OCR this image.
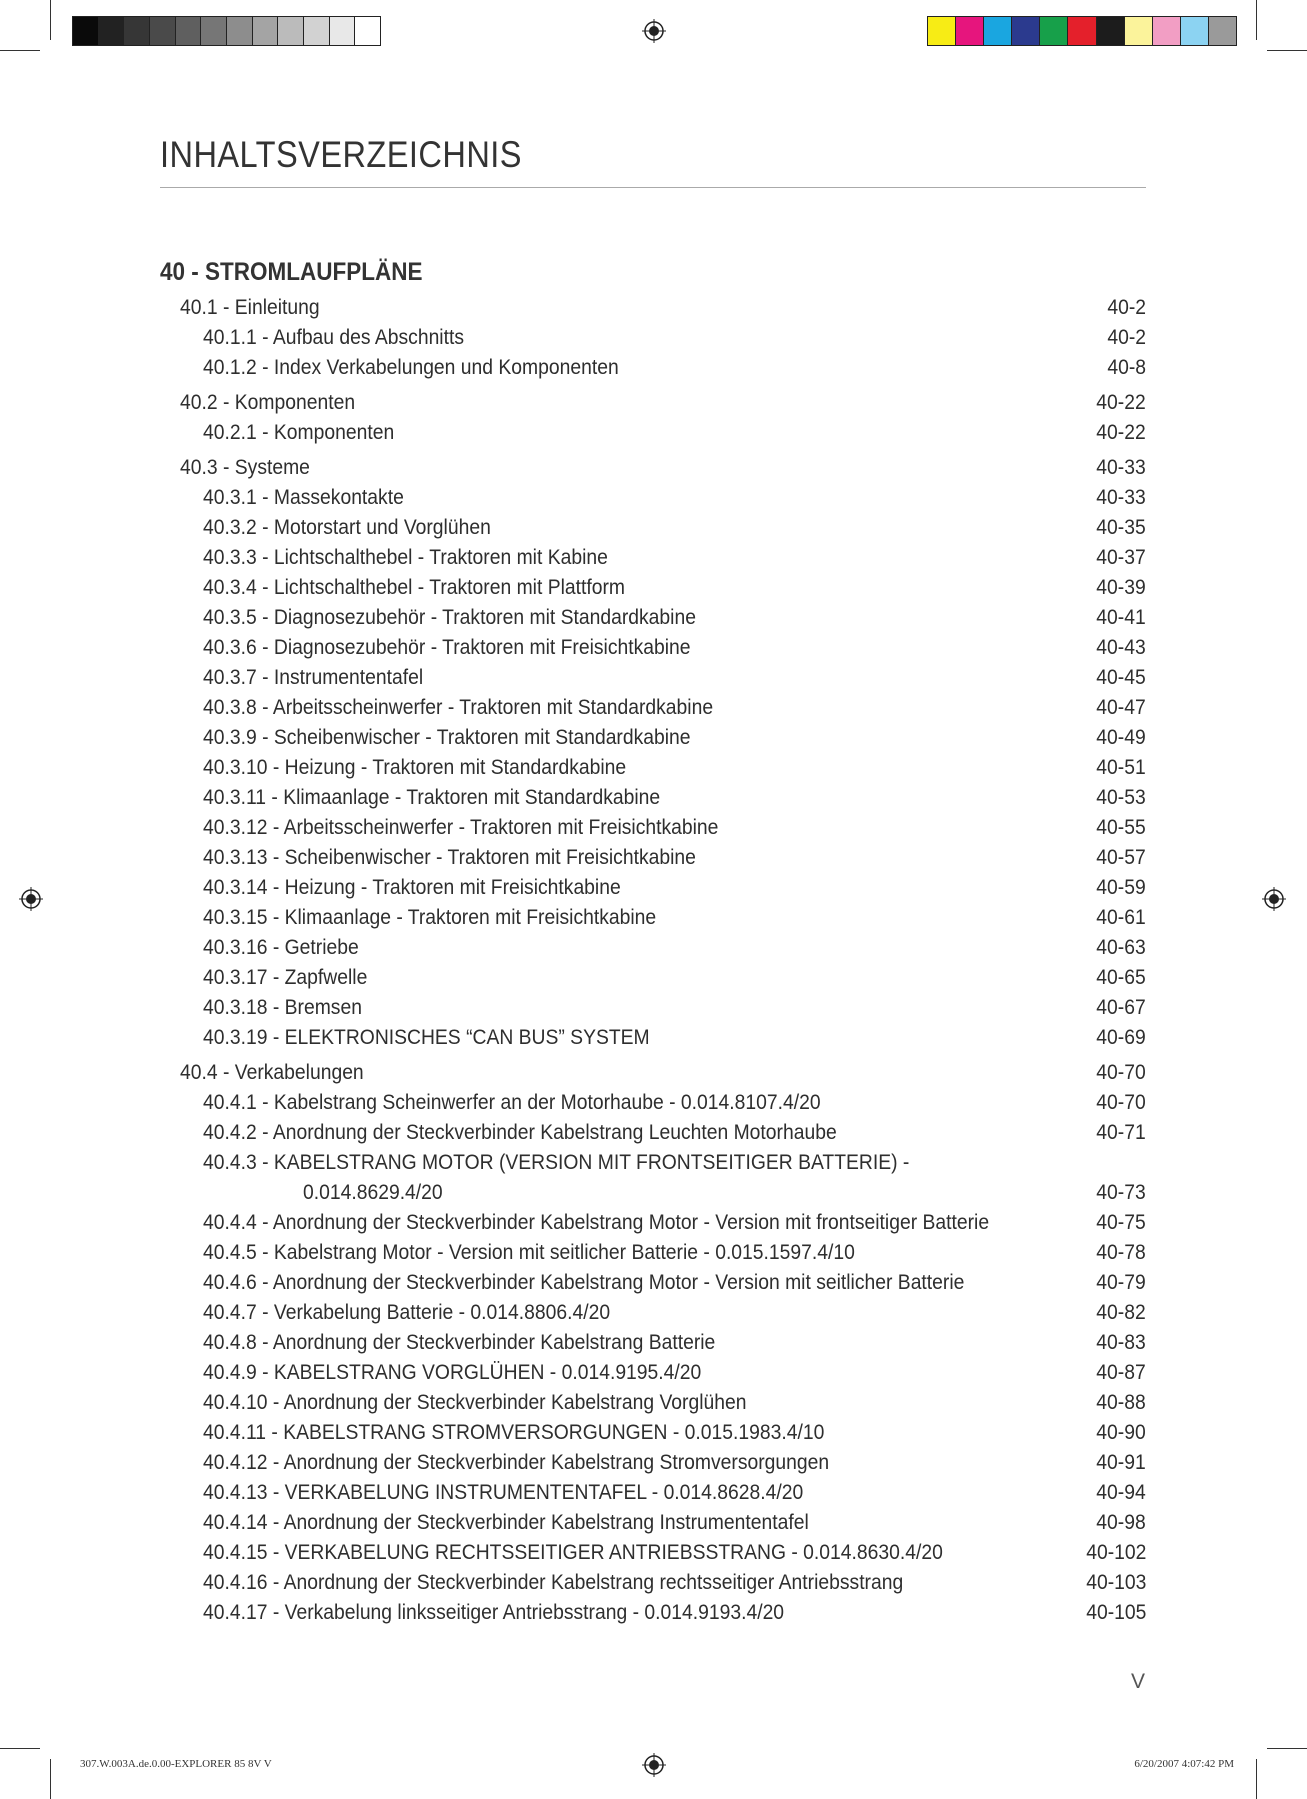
INHALTSVERZEICHNIS
40 - STROMLAUFPLÄNE
40.1 - Einleitung	40-2
40.1.1 - Aufbau des Abschnitts	40-2
40.1.2 - Index Verkabelungen und Komponenten	40-8
40.2 - Komponenten	40-22
40.2.1 - Komponenten	40-22
40.3 - Systeme	40-33
40.3.1 - Massekontakte	40-33
40.3.2 - Motorstart und Vorglühen	40-35
40.3.3 - Lichtschalthebel - Traktoren mit Kabine	40-37
40.3.4 - Lichtschalthebel - Traktoren mit Plattform	40-39
40.3.5 - Diagnosezubehör - Traktoren mit Standardkabine	40-41
40.3.6 - Diagnosezubehör - Traktoren mit Freisichtkabine	40-43
40.3.7 - Instrumententafel	40-45
40.3.8 - Arbeitsscheinwerfer - Traktoren mit Standardkabine	40-47
40.3.9 - Scheibenwischer - Traktoren mit Standardkabine	40-49
40.3.10 - Heizung - Traktoren mit Standardkabine	40-51
40.3.11 - Klimaanlage - Traktoren mit Standardkabine	40-53
40.3.12 - Arbeitsscheinwerfer - Traktoren mit Freisichtkabine	40-55
40.3.13 - Scheibenwischer - Traktoren mit Freisichtkabine	40-57
40.3.14 - Heizung - Traktoren mit Freisichtkabine	40-59
40.3.15 - Klimaanlage - Traktoren mit Freisichtkabine	40-61
40.3.16 - Getriebe	40-63
40.3.17 - Zapfwelle	40-65
40.3.18 - Bremsen	40-67
40.3.19 - ELEKTRONISCHES “CAN BUS” SYSTEM	40-69
40.4 - Verkabelungen	40-70
40.4.1 - Kabelstrang Scheinwerfer an der Motorhaube - 0.014.8107.4/20	40-70
40.4.2 - Anordnung der Steckverbinder Kabelstrang Leuchten Motorhaube	40-71
40.4.3 - KABELSTRANG MOTOR (VERSION MIT FRONTSEITIGER BATTERIE) -
0.014.8629.4/20	40-73
40.4.4 - Anordnung der Steckverbinder Kabelstrang Motor - Version mit frontseitiger Batterie	40-75
40.4.5 - Kabelstrang Motor - Version mit seitlicher Batterie - 0.015.1597.4/10	40-78
40.4.6 - Anordnung der Steckverbinder Kabelstrang Motor - Version mit seitlicher Batterie	40-79
40.4.7 - Verkabelung Batterie - 0.014.8806.4/20	40-82
40.4.8 - Anordnung der Steckverbinder Kabelstrang Batterie	40-83
40.4.9 - KABELSTRANG VORGLÜHEN - 0.014.9195.4/20	40-87
40.4.10 - Anordnung der Steckverbinder Kabelstrang Vorglühen	40-88
40.4.11 - KABELSTRANG STROMVERSORGUNGEN - 0.015.1983.4/10	40-90
40.4.12 - Anordnung der Steckverbinder Kabelstrang Stromversorgungen	40-91
40.4.13 - VERKABELUNG INSTRUMENTENTAFEL - 0.014.8628.4/20	40-94
40.4.14 - Anordnung der Steckverbinder Kabelstrang Instrumententafel	40-98
40.4.15 - VERKABELUNG RECHTSSEITIGER ANTRIEBSSTRANG - 0.014.8630.4/20	40-102
40.4.16 - Anordnung der Steckverbinder Kabelstrang rechtsseitiger Antriebsstrang	40-103
40.4.17 - Verkabelung linksseitiger Antriebsstrang - 0.014.9193.4/20	40-105
V
307.W.003A.de.0.00-EXPLORER 85 8V V	6/20/2007 4:07:42 PM
